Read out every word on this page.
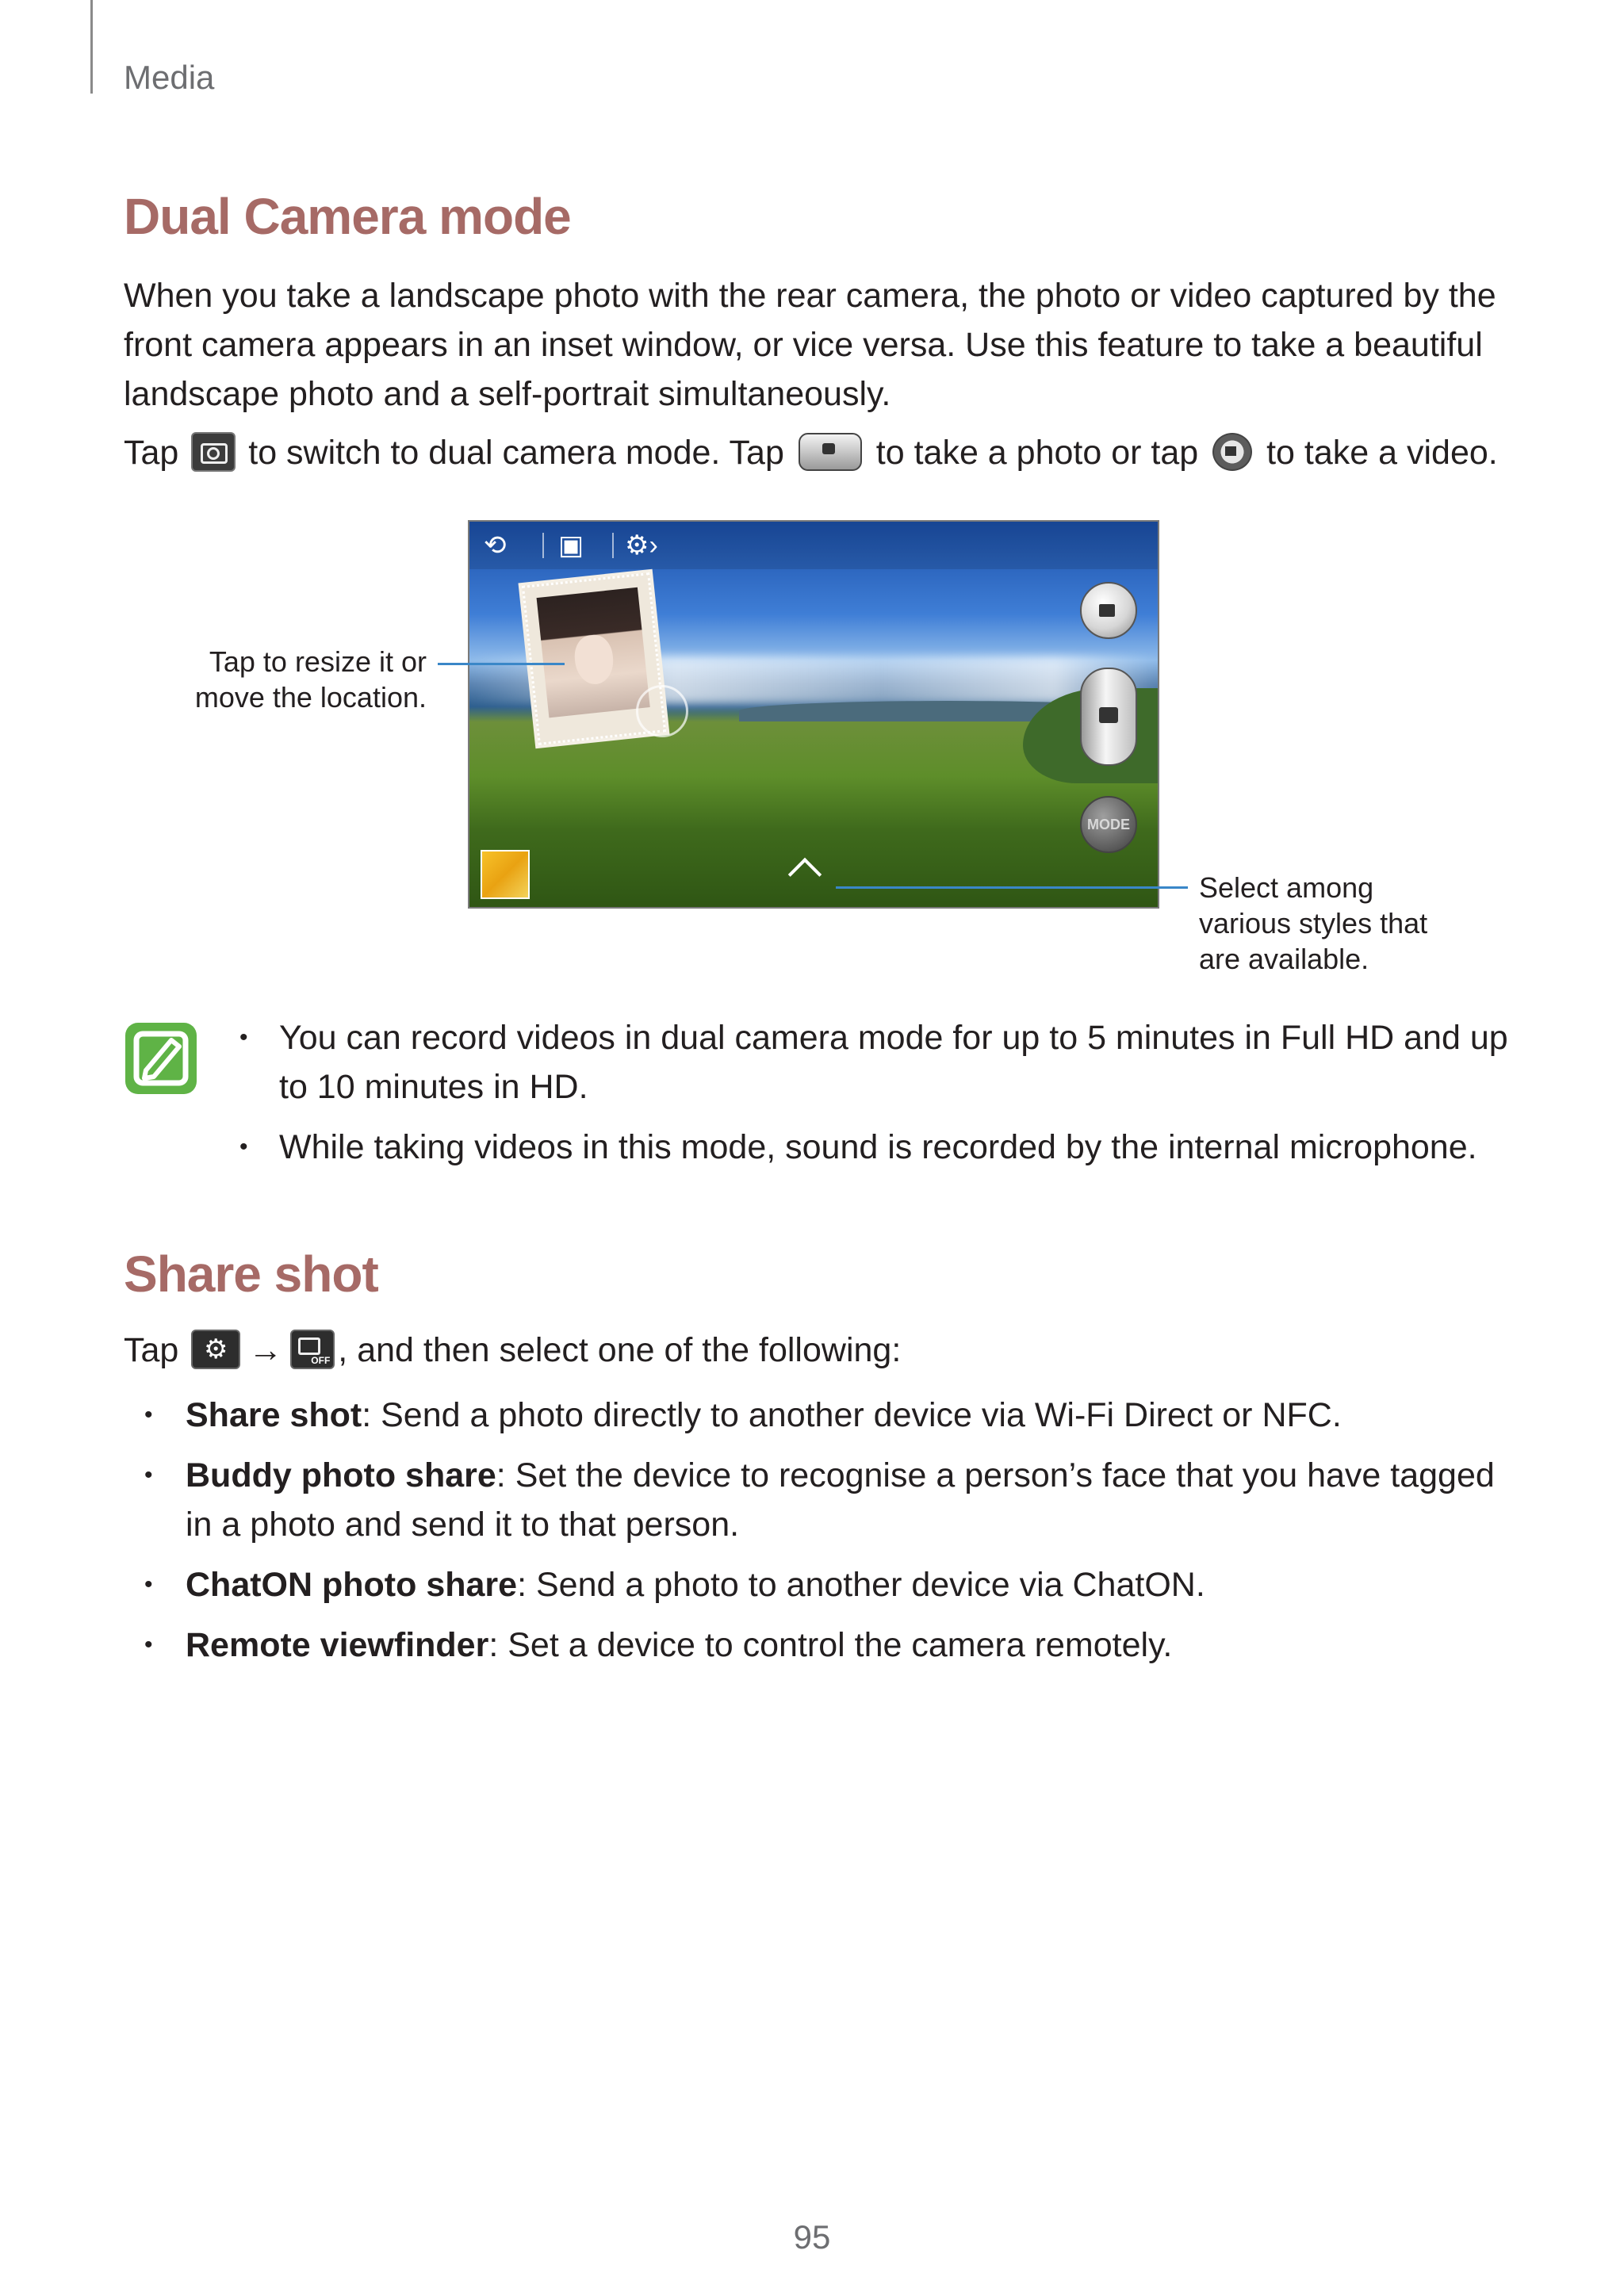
Media
Dual Camera mode

When you take a landscape photo with the rear camera, the photo or video captured by the front camera appears in an inset window, or vice versa. Use this feature to take a beautiful landscape photo and a self-portrait simultaneously.

Tap to switch to dual camera mode. Tap	to take a photo or tap to take a video.

⟲ ▣ ⚙›
MODE
Tap to resize it or move the location.
Select among various styles that are available.
• You can record videos in dual camera mode for up to 5 minutes in Full HD and up to 10 minutes in HD.
• While taking videos in this mode, sound is recorded by the internal microphone.
Share shot

Tap ⚙ →	OFF , and then select one of the following:

• Share shot: Send a photo directly to another device via Wi-Fi Direct or NFC.
• Buddy photo share: Set the device to recognise a person’s face that you have tagged in a photo and send it to that person.
• ChatON photo share: Send a photo to another device via ChatON.
• Remote viewfinder: Set a device to control the camera remotely.
95
